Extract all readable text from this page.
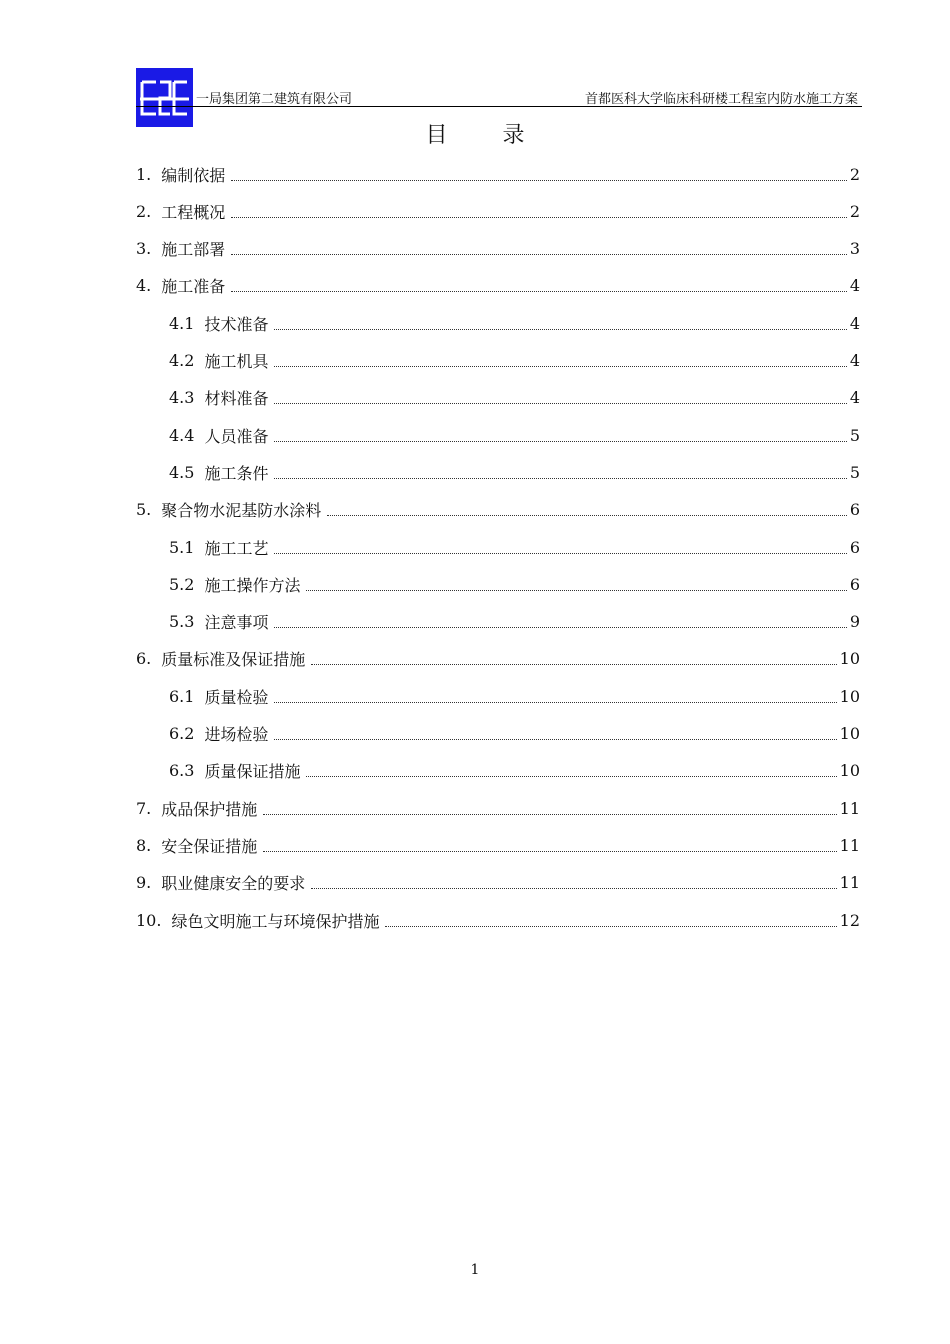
一局集团第二建筑有限公司	首都医科大学临床科研楼工程室内防水施工方案
目 录
1. 编制依据	2
2. 工程概况	2
3. 施工部署	3
4. 施工准备	4
4.1 技术准备	4
4.2 施工机具	4
4.3 材料准备	4
4.4 人员准备	5
4.5 施工条件	5
5. 聚合物水泥基防水涂料	6
5.1 施工工艺	6
5.2 施工操作方法	6
5.3 注意事项	9
6. 质量标准及保证措施	10
6.1 质量检验	10
6.2 进场检验	10
6.3 质量保证措施	10
7. 成品保护措施	11
8. 安全保证措施	11
9. 职业健康安全的要求	11
10. 绿色文明施工与环境保护措施	12
1
